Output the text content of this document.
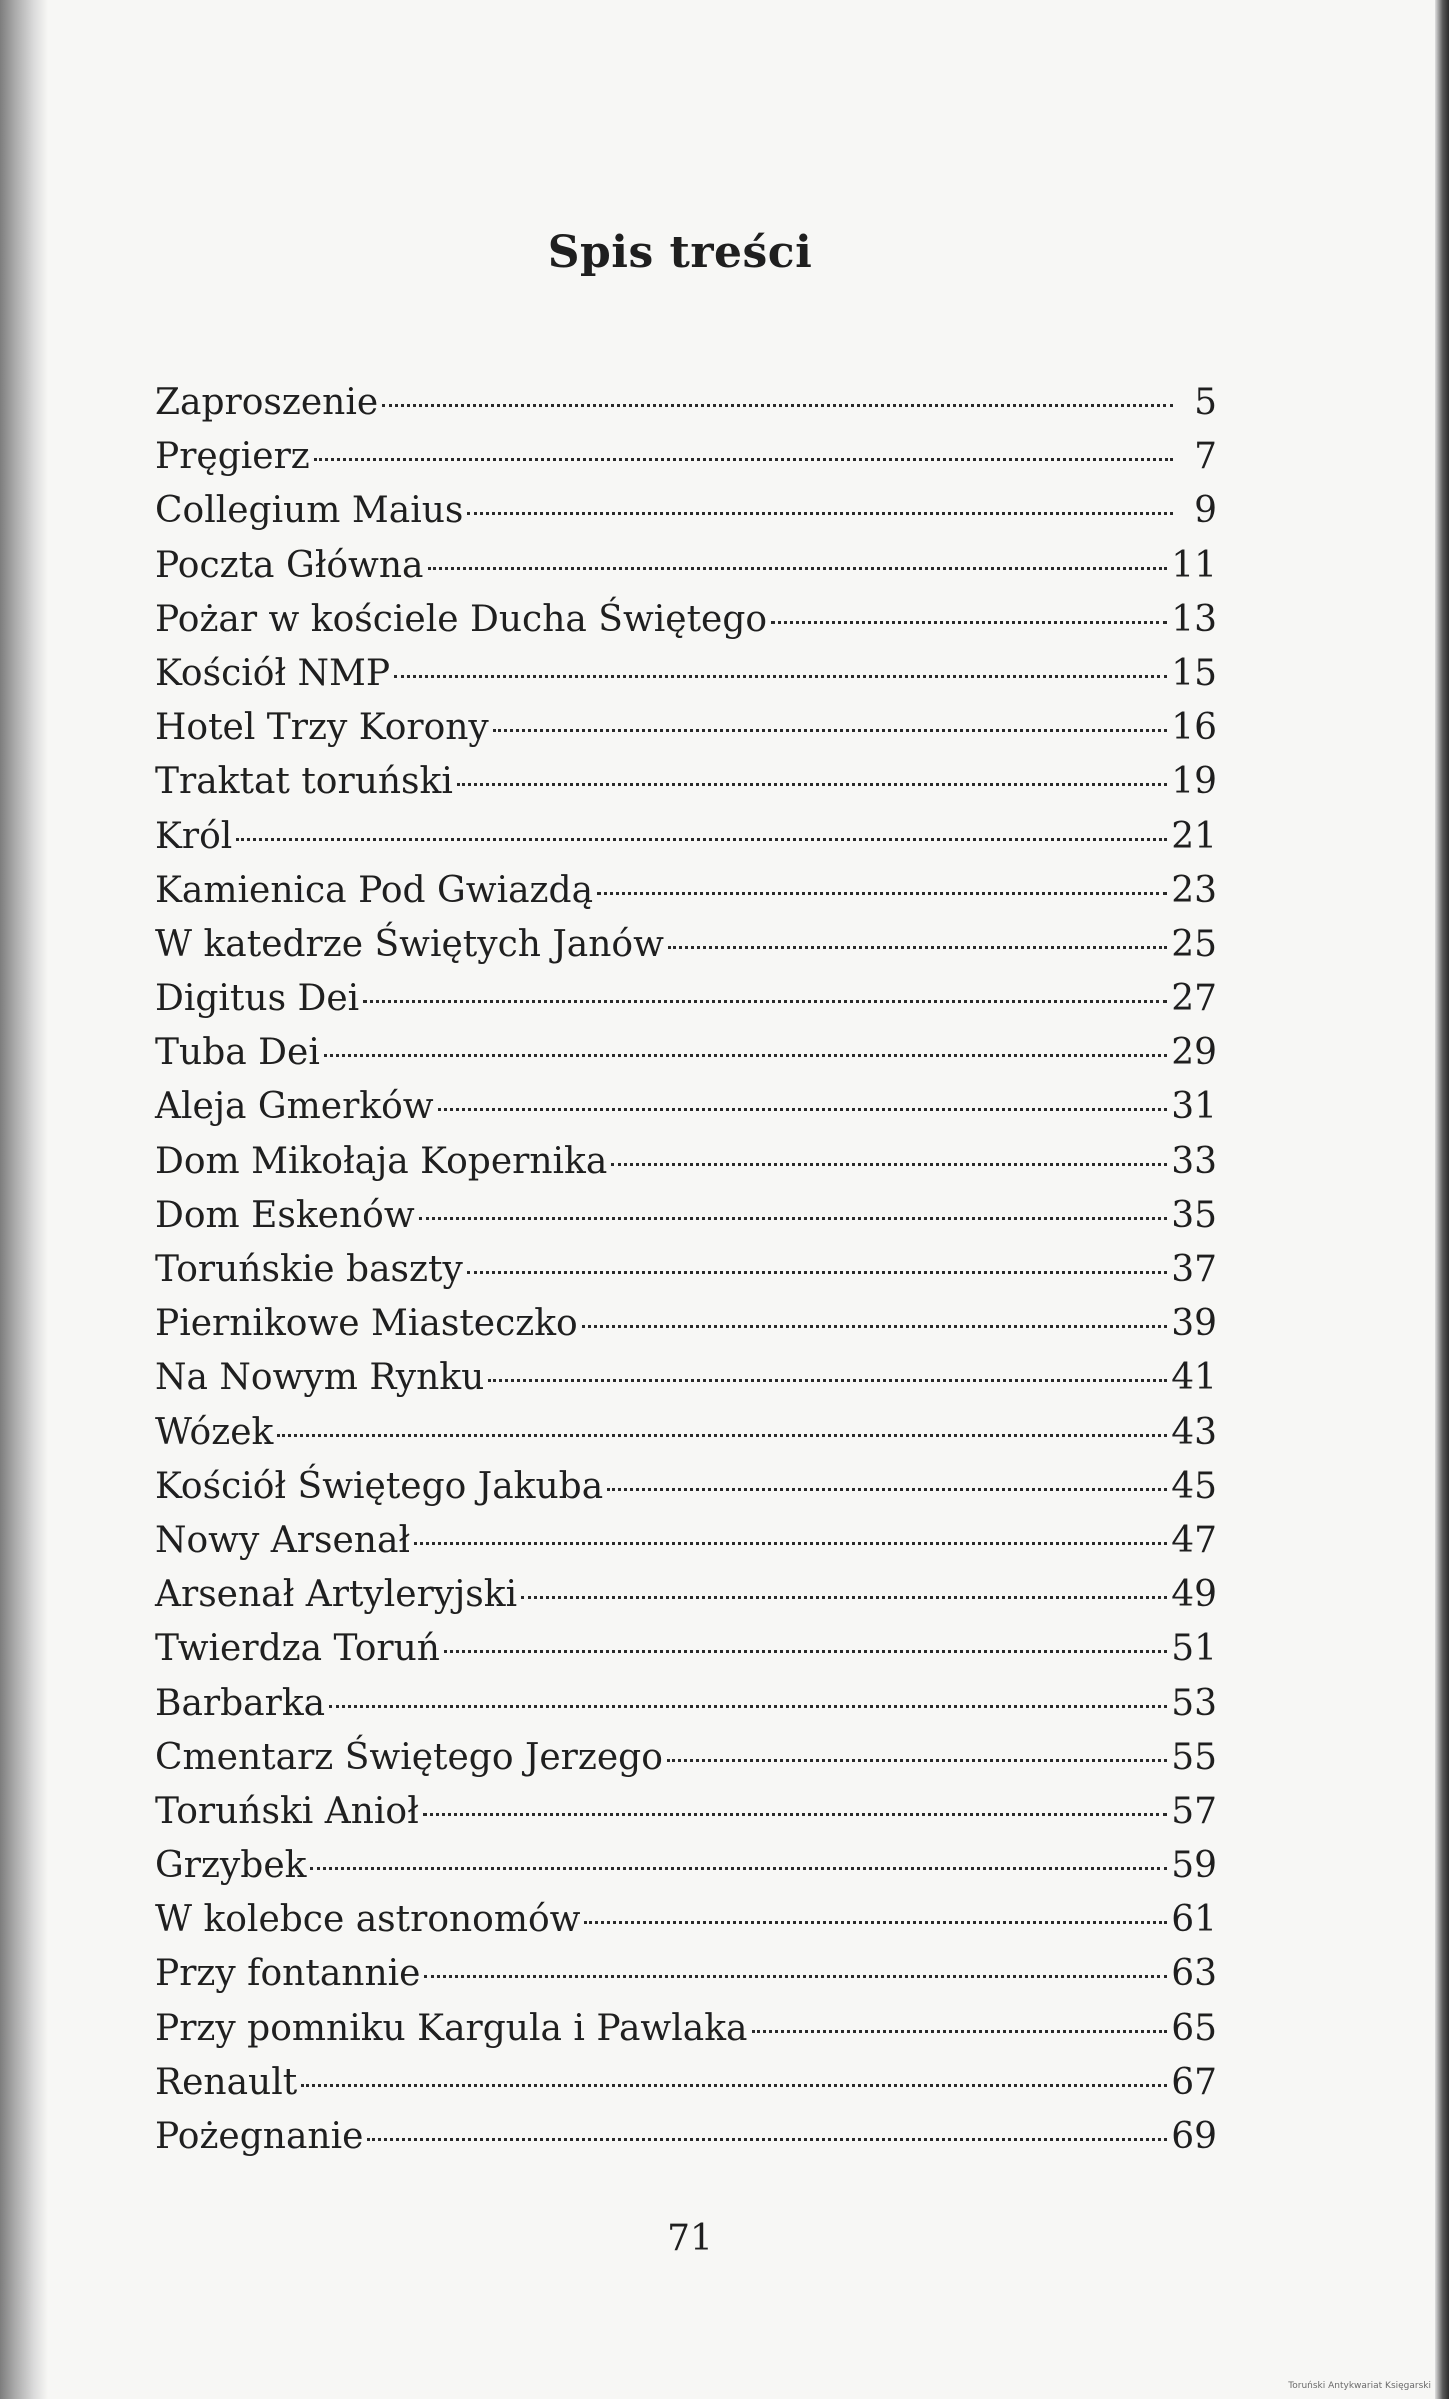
Spis treści
Zaproszenie	5
Pręgierz	7
Collegium Maius	9
Poczta Główna	11
Pożar w kościele Ducha Świętego	13
Kościół NMP	15
Hotel Trzy Korony	16
Traktat toruński	19
Król	21
Kamienica Pod Gwiazdą	23
W katedrze Świętych Janów	25
Digitus Dei	27
Tuba Dei	29
Aleja Gmerków	31
Dom Mikołaja Kopernika	33
Dom Eskenów	35
Toruńskie baszty	37
Piernikowe Miasteczko	39
Na Nowym Rynku	41
Wózek	43
Kościół Świętego Jakuba	45
Nowy Arsenał	47
Arsenał Artyleryjski	49
Twierdza Toruń	51
Barbarka	53
Cmentarz Świętego Jerzego	55
Toruński Anioł	57
Grzybek	59
W kolebce astronomów	61
Przy fontannie	63
Przy pomniku Kargula i Pawlaka	65
Renault	67
Pożegnanie	69
71
Toruński Antykwariat Księgarski
